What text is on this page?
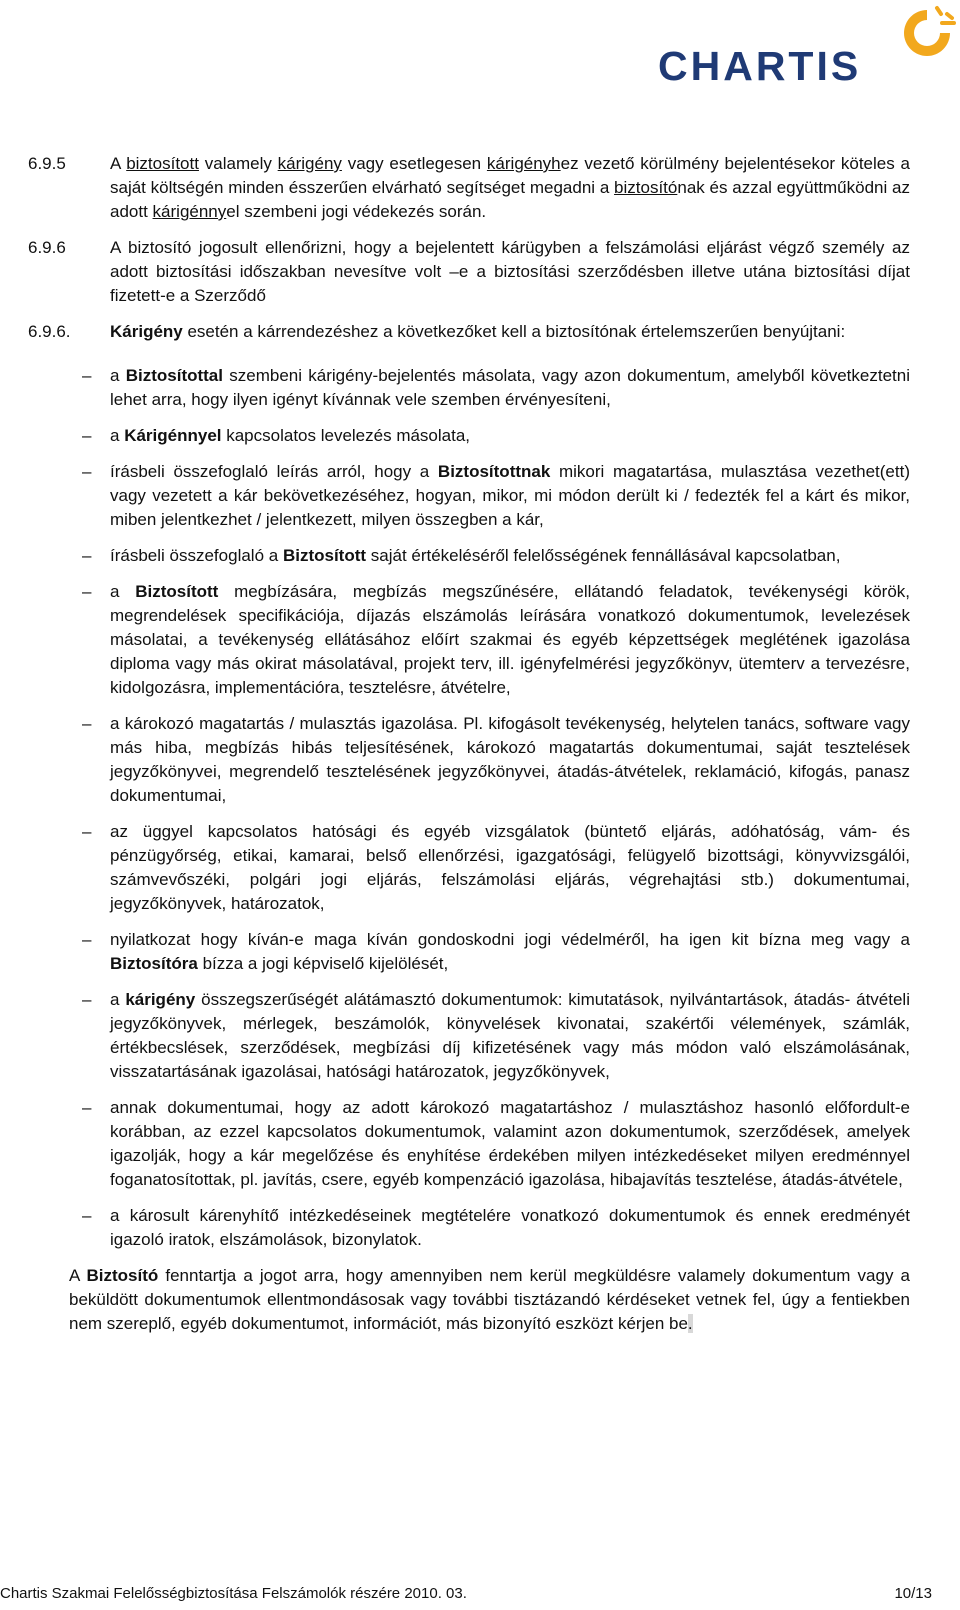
CHARTIS
6.9.5	A biztosított valamely kárigény vagy esetlegesen kárigényhez vezető körülmény bejelentésekor köteles a saját költségén minden ésszerűen elvárható segítséget megadni a biztosítónak és azzal együttműködni az adott kárigénnyel szembeni jogi védekezés során.
6.9.6	A biztosító jogosult ellenőrizni, hogy a bejelentett kárügyben a felszámolási eljárást végző személy az adott biztosítási időszakban nevesítve volt –e a biztosítási szerződésben illetve utána biztosítási díjat fizetett-e a Szerződő
6.9.6.	Kárigény esetén a kárrendezéshez a következőket kell a biztosítónak értelemszerűen benyújtani:
–	a Biztosítottal szembeni kárigény-bejelentés másolata, vagy azon dokumentum, amelyből következtetni lehet arra, hogy ilyen igényt kívánnak vele szemben érvényesíteni,
–	a Kárigénnyel kapcsolatos levelezés másolata,
–	írásbeli összefoglaló leírás arról, hogy a Biztosítottnak mikori magatartása, mulasztása vezethet(ett) vagy vezetett a kár bekövetkezéséhez, hogyan, mikor, mi módon derült ki / fedezték fel a kárt és mikor, miben jelentkezhet / jelentkezett, milyen összegben a kár,
–	írásbeli összefoglaló a Biztosított saját értékeléséről felelősségének fennállásával kapcsolatban,
–	a Biztosított megbízására, megbízás megszűnésére, ellátandó feladatok, tevékenységi körök, megrendelések specifikációja, díjazás elszámolás leírására vonatkozó dokumentumok, levelezések másolatai, a tevékenység ellátásához előírt szakmai és egyéb képzettségek meglétének igazolása diploma vagy más okirat másolatával, projekt terv, ill. igényfelmérési jegyzőkönyv, ütemterv a tervezésre, kidolgozásra, implementációra, tesztelésre, átvételre,
–	a károkozó magatartás / mulasztás igazolása. Pl. kifogásolt tevékenység, helytelen tanács, software vagy más hiba, megbízás hibás teljesítésének, károkozó magatartás dokumentumai, saját tesztelések jegyzőkönyvei, megrendelő tesztelésének jegyzőkönyvei, átadás-átvételek, reklamáció, kifogás, panasz dokumentumai,
–	az üggyel kapcsolatos hatósági és egyéb vizsgálatok (büntető eljárás, adóhatóság, vám- és pénzügyőrség, etikai, kamarai, belső ellenőrzési, igazgatósági, felügyelő bizottsági, könyvvizsgálói, számvevőszéki, polgári jogi eljárás, felszámolási eljárás, végrehajtási stb.) dokumentumai, jegyzőkönyvek, határozatok,
–	nyilatkozat hogy kíván-e maga kíván gondoskodni jogi védelméről, ha igen kit bízna meg vagy a Biztosítóra bízza a jogi képviselő kijelölését,
–	a kárigény összegszerűségét alátámasztó dokumentumok: kimutatások, nyilvántartások, átadás- átvételi jegyzőkönyvek, mérlegek, beszámolók, könyvelések kivonatai, szakértői vélemények, számlák, értékbecslések, szerződések, megbízási díj kifizetésének vagy más módon való elszámolásának, visszatartásának igazolásai, hatósági határozatok, jegyzőkönyvek,
–	annak dokumentumai, hogy az adott károkozó magatartáshoz / mulasztáshoz hasonló előfordult-e korábban, az ezzel kapcsolatos dokumentumok, valamint azon dokumentumok, szerződések, amelyek igazolják, hogy a kár megelőzése és enyhítése érdekében milyen intézkedéseket milyen eredménnyel foganatosítottak, pl. javítás, csere, egyéb kompenzáció igazolása, hibajavítás tesztelése, átadás-átvétele,
–	a károsult kárenyhítő intézkedéseinek megtételére vonatkozó dokumentumok és ennek eredményét igazoló iratok, elszámolások, bizonylatok.
A Biztosító fenntartja a jogot arra, hogy amennyiben nem kerül megküldésre valamely dokumentum vagy a beküldött dokumentumok ellentmondásosak vagy további tisztázandó kérdéseket vetnek fel, úgy a fentiekben nem szereplő, egyéb dokumentumot, információt, más bizonyító eszközt kérjen be.
Chartis Szakmai Felelősségbiztosítása Felszámolók részére 2010. 03.	10/13
